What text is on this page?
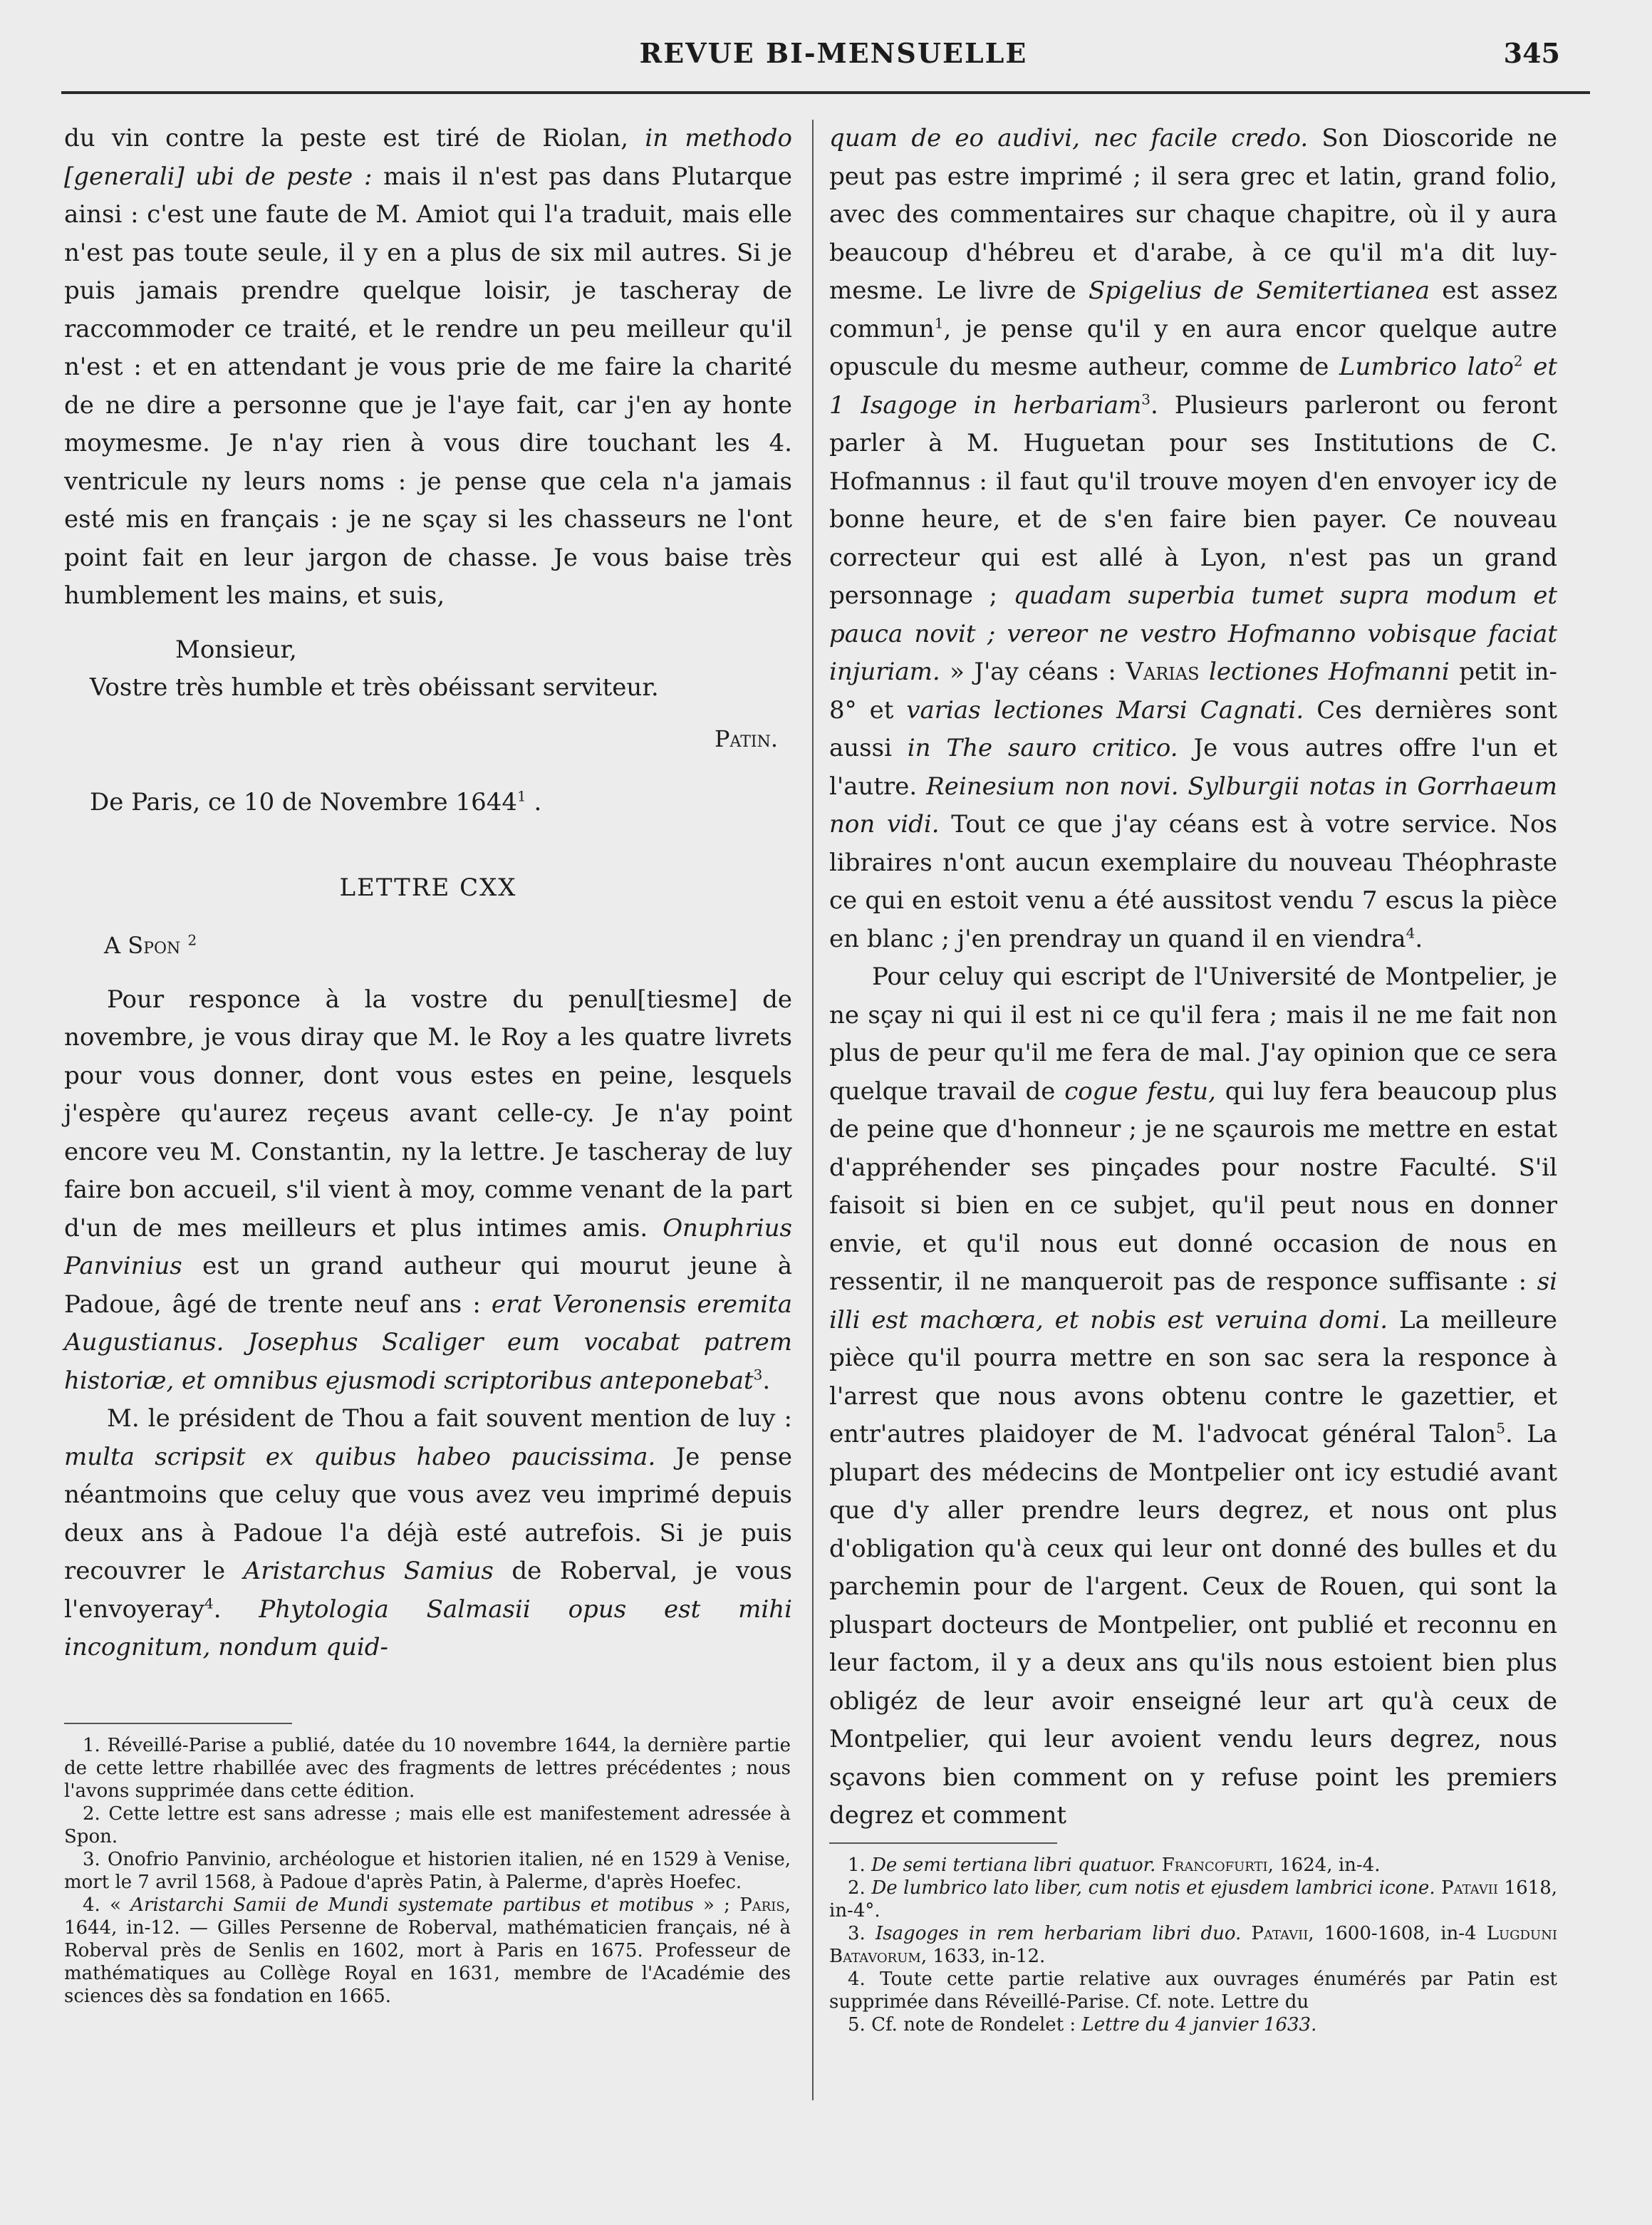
REVUE BI-MENSUELLE	345

du vin contre la peste est tiré de Riolan, in methodo [generali] ubi de peste : mais il n'est pas dans Plutarque ainsi : c'est une faute de M. Amiot qui l'a traduit, mais elle n'est pas toute seule, il y en a plus de six mil autres. Si je puis jamais prendre quelque loisir, je tascheray de raccommoder ce traité, et le rendre un peu meilleur qu'il n'est : et en attendant je vous prie de me faire la charité de ne dire a personne que je l'aye fait, car j'en ay honte moymesme. Je n'ay rien à vous dire touchant les 4. ventricule ny leurs noms : je pense que cela n'a jamais esté mis en français : je ne sçay si les chasseurs ne l'ont point fait en leur jargon de chasse. Je vous baise très humblement les mains, et suis,

Monsieur,
Vostre très humble et très obéissant serviteur.
Patin.
De Paris, ce 10 de Novembre 1644$^1$ .
LETTRE CXX
A Spon $^2$

Pour responce à la vostre du penul[tiesme] de novembre, je vous diray que M. le Roy a les quatre livrets pour vous donner, dont vous estes en peine, lesquels j'espère qu'aurez reçeus avant celle-cy. Je n'ay point encore veu M. Constantin, ny la lettre. Je tascheray de luy faire bon accueil, s'il vient à moy, comme venant de la part d'un de mes meilleurs et plus intimes amis. Onuphrius Panvinius est un grand autheur qui mourut jeune à Padoue, âgé de trente neuf ans : erat Veronensis eremita Augustianus. Josephus Scaliger eum vocabat patrem historiæ, et omnibus ejusmodi scriptoribus anteponebat$^3$.

M. le président de Thou a fait souvent mention de luy : multa scripsit ex quibus habeo paucissima. Je pense néantmoins que celuy que vous avez veu imprimé depuis deux ans à Padoue l'a déjà esté autrefois. Si je puis recouvrer le Aristarchus Samius de Roberval, je vous l'envoyeray$^4$. Phytologia Salmasii opus est mihi incognitum, nondum quid-

1. Réveillé-Parise a publié, datée du 10 novembre 1644, la dernière partie de cette lettre rhabillée avec des fragments de lettres précédentes ; nous l'avons supprimée dans cette édition.

2. Cette lettre est sans adresse ; mais elle est manifestement adressée à Spon.

3. Onofrio Panvinio, archéologue et historien italien, né en 1529 à Venise, mort le 7 avril 1568, à Padoue d'après Patin, à Palerme, d'après Hoefec.

4. « Aristarchi Samii de Mundi systemate partibus et motibus » ; Paris, 1644, in-12. — Gilles Persenne de Roberval, mathématicien français, né à Roberval près de Senlis en 1602, mort à Paris en 1675. Professeur de mathématiques au Collège Royal en 1631, membre de l'Académie des sciences dès sa fondation en 1665.

quam de eo audivi, nec facile credo. Son Dioscoride ne peut pas estre imprimé ; il sera grec et latin, grand folio, avec des commentaires sur chaque chapitre, où il y aura beaucoup d'hébreu et d'arabe, à ce qu'il m'a dit luy-mesme. Le livre de Spigelius de Semitertianea est assez commun$^1$, je pense qu'il y en aura encor quelque autre opuscule du mesme autheur, comme de Lumbrico lato$^2$ et 1 Isagoge in herbariam$^3$. Plusieurs parleront ou feront parler à M. Huguetan pour ses Institutions de C. Hofmannus : il faut qu'il trouve moyen d'en envoyer icy de bonne heure, et de s'en faire bien payer. Ce nouveau correcteur qui est allé à Lyon, n'est pas un grand personnage ; quadam superbia tumet supra modum et pauca novit ; vereor ne vestro Hofmanno vobisque faciat injuriam. » J'ay céans : Varias lectiones Hofmanni petit in-8° et varias lectiones Marsi Cagnati. Ces dernières sont aussi in The sauro critico. Je vous autres offre l'un et l'autre. Reinesium non novi. Sylburgii notas in Gorrhaeum non vidi. Tout ce que j'ay céans est à votre service. Nos libraires n'ont aucun exemplaire du nouveau Théophraste ce qui en estoit venu a été aussitost vendu 7 escus la pièce en blanc ; j'en prendray un quand il en viendra$^4$.

Pour celuy qui escript de l'Université de Montpelier, je ne sçay ni qui il est ni ce qu'il fera ; mais il ne me fait non plus de peur qu'il me fera de mal. J'ay opinion que ce sera quelque travail de cogue festu, qui luy fera beaucoup plus de peine que d'honneur ; je ne sçaurois me mettre en estat d'appréhender ses pinçades pour nostre Faculté. S'il faisoit si bien en ce subjet, qu'il peut nous en donner envie, et qu'il nous eut donné occasion de nous en ressentir, il ne manqueroit pas de responce suffisante : si illi est machœra, et nobis est veruina domi. La meilleure pièce qu'il pourra mettre en son sac sera la responce à l'arrest que nous avons obtenu contre le gazettier, et entr'autres plaidoyer de M. l'advocat général Talon$^5$. La plupart des médecins de Montpelier ont icy estudié avant que d'y aller prendre leurs degrez, et nous ont plus d'obligation qu'à ceux qui leur ont donné des bulles et du parchemin pour de l'argent. Ceux de Rouen, qui sont la pluspart docteurs de Montpelier, ont publié et reconnu en leur factom, il y a deux ans qu'ils nous estoient bien plus obligéz de leur avoir enseigné leur art qu'à ceux de Montpelier, qui leur avoient vendu leurs degrez, nous sçavons bien comment on y refuse point les premiers degrez et comment

1. De semi tertiana libri quatuor. Francofurti, 1624, in-4.

2. De lumbrico lato liber, cum notis et ejusdem lambrici icone. Patavii 1618, in-4°.

3. Isagoges in rem herbariam libri duo. Patavii, 1600-1608, in-4 Lugduni Batavorum, 1633, in-12.

4. Toute cette partie relative aux ouvrages énumérés par Patin est supprimée dans Réveillé-Parise. Cf. note. Lettre du

5. Cf. note de Rondelet : Lettre du 4 janvier 1633.
